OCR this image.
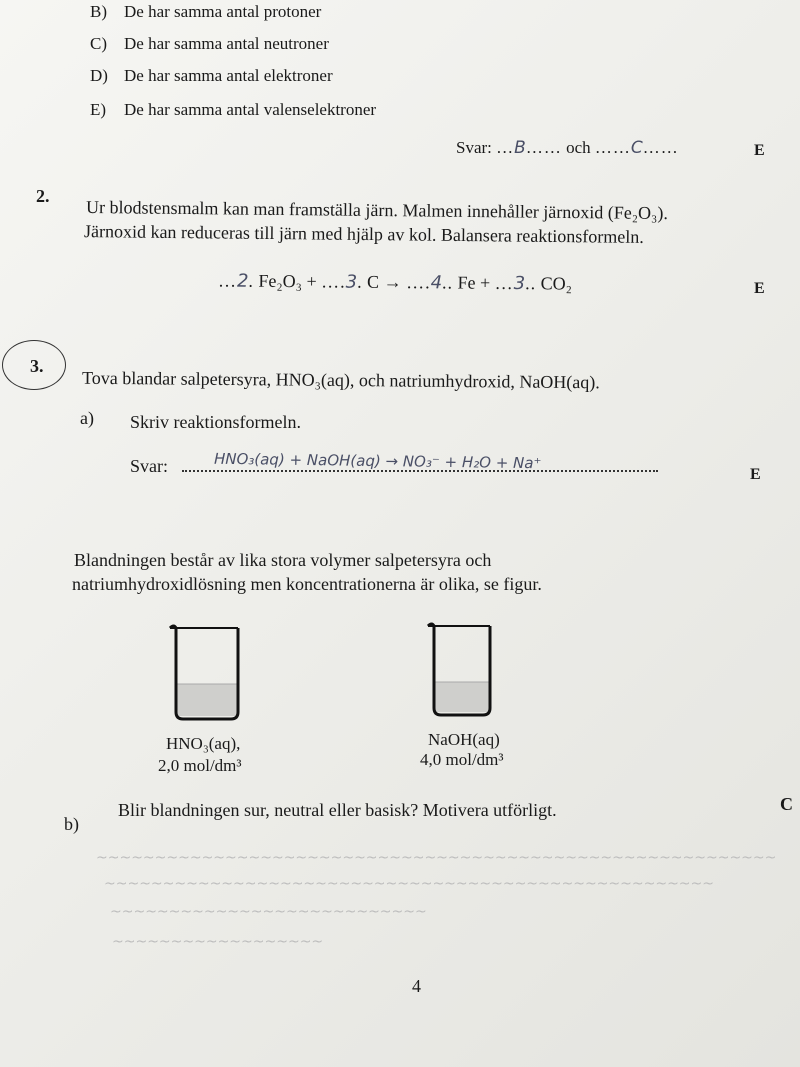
B) De har samma antal protoner
C) De har samma antal neutroner
D) De har samma antal elektroner
E) De har samma antal valenselektroner
Svar: …B…… och ……C……	E
2.
Ur blodstensmalm kan man framställa järn. Malmen innehåller järnoxid (Fe₂O₃).
Järnoxid kan reduceras till järn med hjälp av kol. Balansera reaktionsformeln.
…2. Fe₂O₃ + ….3. C → ….4.. Fe + …3.. CO₂	E
3.
Tova blandar salpetersyra, HNO₃(aq), och natriumhydroxid, NaOH(aq).
a) Skriv reaktionsformeln.
Svar:	HNO₃(aq) + NaOH(aq) → NO₃⁻ + H₂O + Na⁺
E
Blandningen består av lika stora volymer salpetersyra och
natriumhydroxidlösning men koncentrationerna är olika, se figur.
HNO₃(aq),
2,0 mol/dm³
NaOH(aq)
4,0 mol/dm³
C
b)
Blir blandningen sur, neutral eller basisk? Motivera utförligt.
~~~~~~~~~~~~~~~~~~~~~~~~~~~~~~~~~~~~~~~~~~~~~~~~~~~~~~~~~~
~~~~~~~~~~~~~~~~~~~~~~~~~~~~~~~~~~~~~~~~~~~~~~~~~~~~
~~~~~~~~~~~~~~~~~~~~~~~~~~~
~~~~~~~~~~~~~~~~~~
4
